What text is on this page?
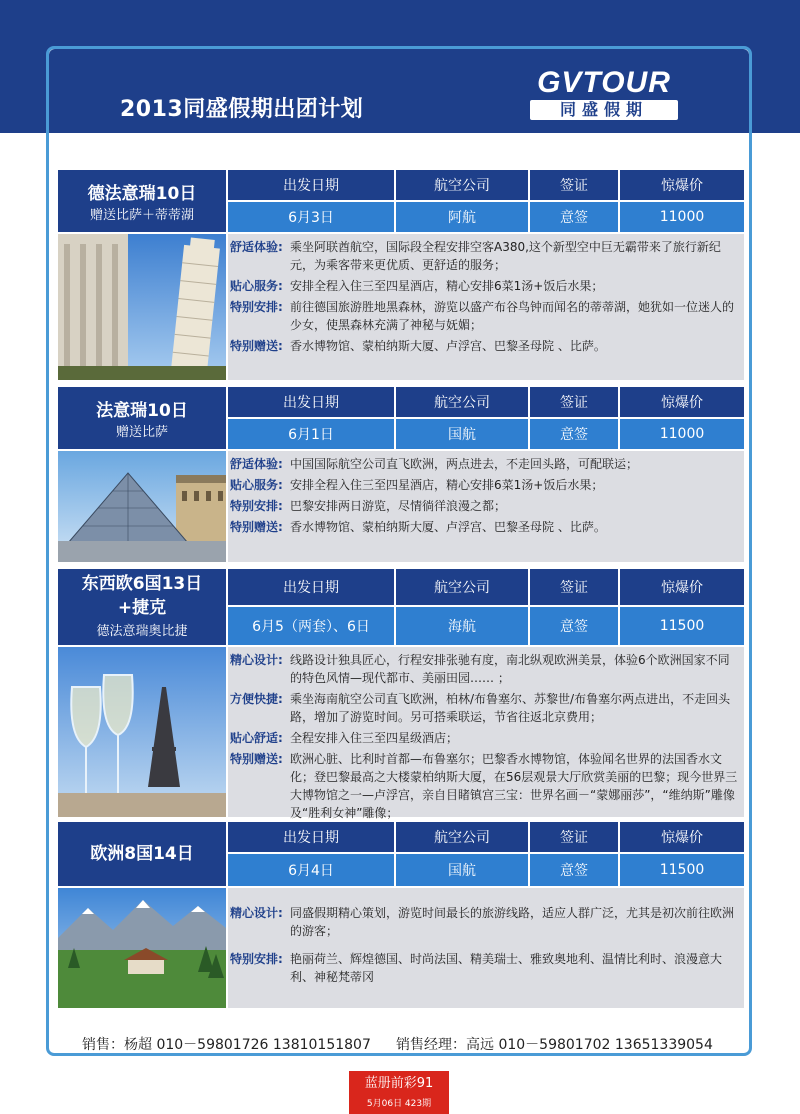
2013同盛假期出团计划
GVTOUR
同盛假期
德法意瑞10日
赠送比萨＋蒂蒂湖
出发日期	航空公司	签证	惊爆价
6月3日	阿航	意签	11000
舒适体验: 乘坐阿联酋航空，国际段全程安排空客A380,这个新型空中巨无霸带来了旅行新纪元，为乘客带来更优质、更舒适的服务；
贴心服务: 安排全程入住三至四星酒店，精心安排6菜1汤+饭后水果；
特别安排: 前往德国旅游胜地黑森林，游览以盛产布谷鸟钟而闻名的蒂蒂湖，她犹如一位迷人的少女，使黑森林充满了神秘与妩媚；
特别赠送: 香水博物馆、蒙柏纳斯大厦、卢浮宫、巴黎圣母院 、比萨。
法意瑞10日
赠送比萨
出发日期	航空公司	签证	惊爆价
6月1日	国航	意签	11000
舒适体验: 中国国际航空公司直飞欧洲，两点进去，不走回头路，可配联运；
贴心服务: 安排全程入住三至四星酒店，精心安排6菜1汤+饭后水果；
特别安排: 巴黎安排两日游览，尽情徜徉浪漫之都；
特别赠送: 香水博物馆、蒙柏纳斯大厦、卢浮宫、巴黎圣母院 、比萨。
东西欧6国13日+捷克
德法意瑞奥比捷
出发日期	航空公司	签证	惊爆价
6月5（两套）、6日	海航	意签	11500
精心设计: 线路设计独具匠心，行程安排张驰有度，南北纵观欧洲美景，体验6个欧洲国家不同的特色风情—现代都市、美丽田园…… ；
方便快捷: 乘坐海南航空公司直飞欧洲，柏林/布鲁塞尔、苏黎世/布鲁塞尔两点进出，不走回头路，增加了游览时间。另可搭乘联运，节省往返北京费用；
贴心舒适: 全程安排入住三至四星级酒店；
特别赠送: 欧洲心脏、比利时首都—布鲁塞尔；巴黎香水博物馆，体验闻名世界的法国香水文化；登巴黎最高之大楼蒙柏纳斯大厦，在56层观景大厅欣赏美丽的巴黎；现今世界三大博物馆之一—卢浮宫，亲自目睹镇宫三宝：世界名画－“蒙娜丽莎”，“维纳斯”雕像及“胜利女神”雕像；
欧洲8国14日
出发日期	航空公司	签证	惊爆价
6月4日	国航	意签	11500
精心设计: 同盛假期精心策划，游览时间最长的旅游线路，适应人群广泛，尤其是初次前往欧洲的游客；
特别安排: 艳丽荷兰、辉煌德国、时尚法国、精美瑞士、雅致奥地利、温情比利时、浪漫意大利、神秘梵蒂冈
销售：杨超 010－59801726 13810151807 销售经理：高远 010－59801702 13651339054
蓝册前彩91
5月06日 423期
